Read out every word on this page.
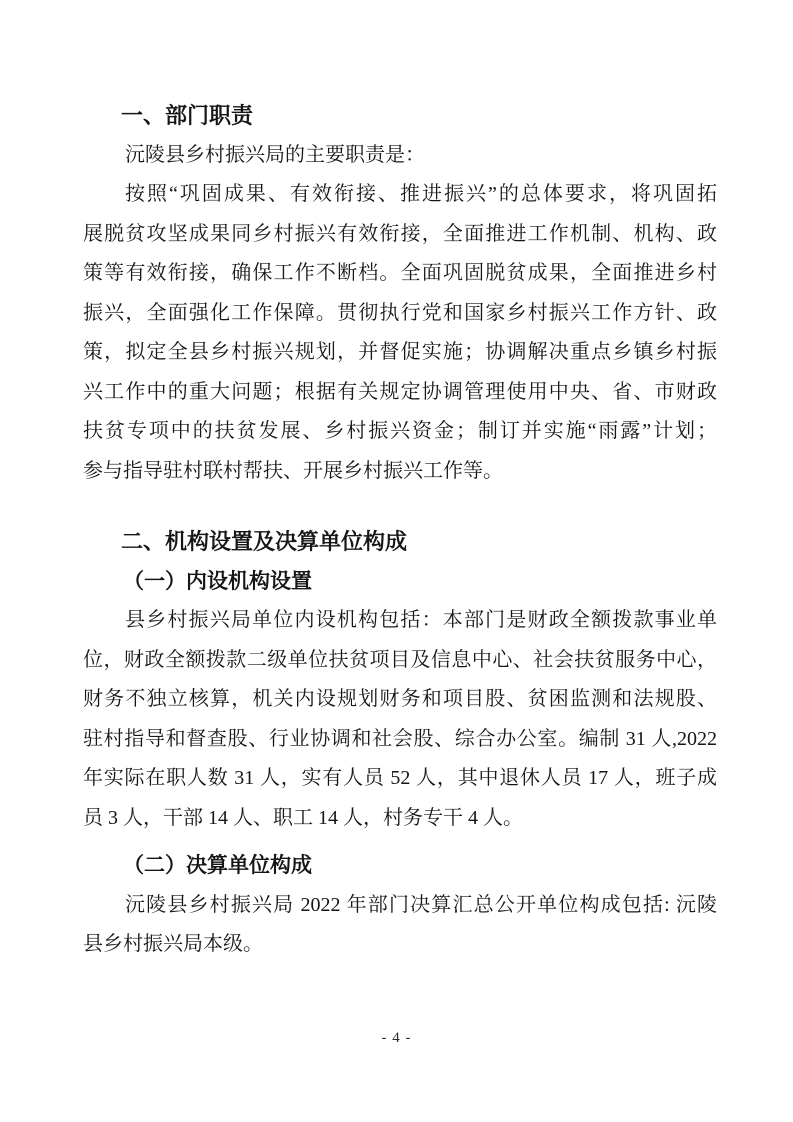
一、部门职责
沅陵县乡村振兴局的主要职责是：
按照“巩固成果、有效衔接、推进振兴”的总体要求，将巩固拓
展脱贫攻坚成果同乡村振兴有效衔接，全面推进工作机制、机构、政
策等有效衔接，确保工作不断档。全面巩固脱贫成果，全面推进乡村
振兴，全面强化工作保障。贯彻执行党和国家乡村振兴工作方针、政
策，拟定全县乡村振兴规划，并督促实施；协调解决重点乡镇乡村振
兴工作中的重大问题；根据有关规定协调管理使用中央、省、市财政
扶贫专项中的扶贫发展、乡村振兴资金；制订并实施“雨露”计划；
参与指导驻村联村帮扶、开展乡村振兴工作等。
二、机构设置及决算单位构成
（一）内设机构设置
县乡村振兴局单位内设机构包括：本部门是财政全额拨款事业单
位，财政全额拨款二级单位扶贫项目及信息中心、社会扶贫服务中心，
财务不独立核算，机关内设规划财务和项目股、贫困监测和法规股、
驻村指导和督查股、行业协调和社会股、综合办公室。编制 31 人,2022
年实际在职人数 31 人，实有人员 52 人，其中退休人员 17 人，班子成
员 3 人，干部 14 人、职工 14 人，村务专干 4 人。
（二）决算单位构成
沅陵县乡村振兴局 2022 年部门决算汇总公开单位构成包括: 沅陵
县乡村振兴局本级。
- 4 -
